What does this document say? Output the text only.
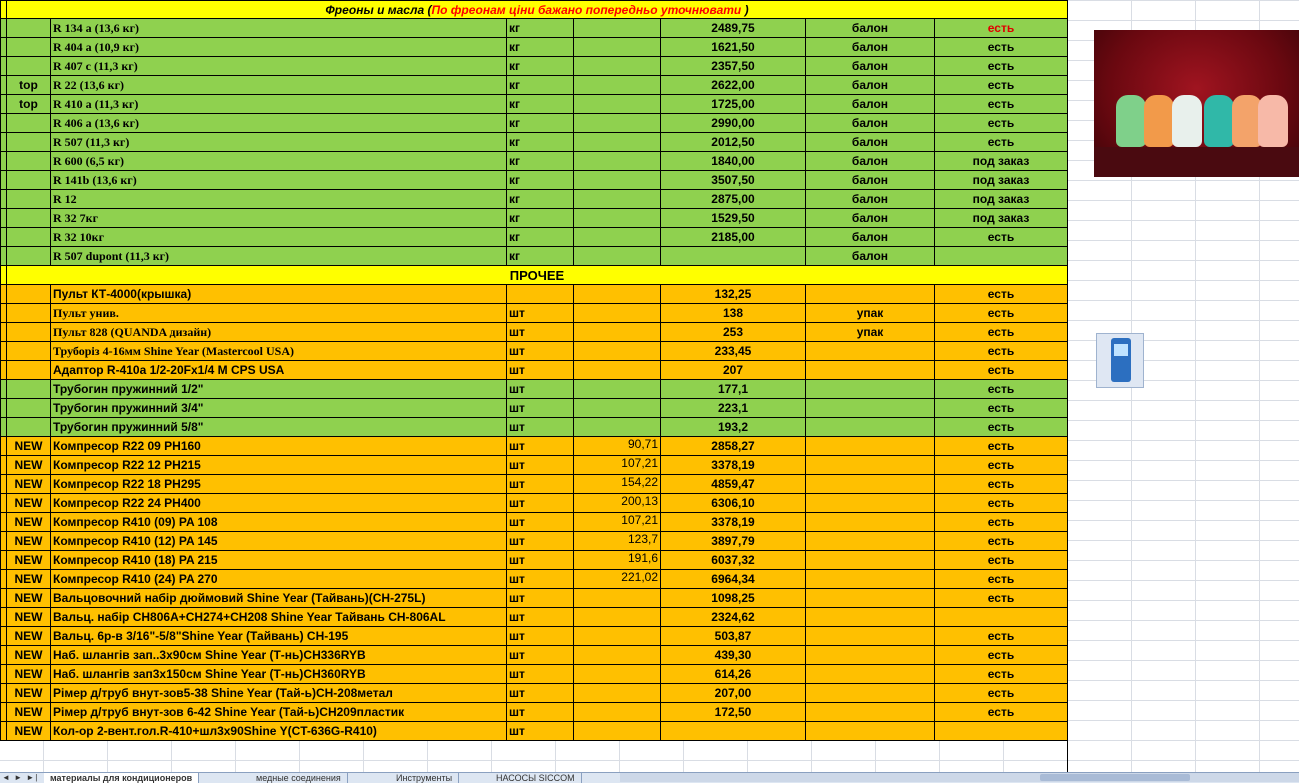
	Фреоны и масла (По фреонам ціни бажано попередньо уточнювати )						
		R 134 а (13,6 кг)	кг		2489,75	балон	есть
		R 404 а (10,9 кг)	кг		1621,50	балон	есть
		R 407 с (11,3 кг)	кг		2357,50	балон	есть
	top	R 22 (13,6 кг)	кг		2622,00	балон	есть
	top	R 410 а (11,3 кг)	кг		1725,00	балон	есть
		R 406 а (13,6 кг)	кг		2990,00	балон	есть
		R 507 (11,3 кг)	кг		2012,50	балон	есть
		R 600 (6,5 кг)	кг		1840,00	балон	под заказ
		R 141b (13,6 кг)	кг		3507,50	балон	под заказ
		R 12	кг		2875,00	балон	под заказ
		R 32 7кг	кг		1529,50	балон	под заказ
		R 32 10кг	кг		2185,00	балон	есть
		R 507 dupont (11,3 кг)	кг			балон	
	ПРОЧЕЕ						
		Пульт КТ-4000(крышка)			132,25		есть
		Пульт унив.	шт		138	упак	есть
		Пульт 828 (QUANDA дизайн)	шт		253	упак	есть
		Труборіз 4-16мм Shine Year (Mastercool USA)	шт		233,45		есть
		Адаптор R-410a 1/2-20Fx1/4 M CPS USA	шт		207		есть
		Трубогин пружинний 1/2"	шт		177,1		есть
		Трубогин пружинний 3/4"	шт		223,1		есть
		Трубогин пружинний 5/8"	шт		193,2		есть
	NEW	Компресор R22 09 PH160	шт	90,71	2858,27		есть
	NEW	Компресор R22 12 PH215	шт	107,21	3378,19		есть
	NEW	Компресор R22 18 PH295	шт	154,22	4859,47		есть
	NEW	Компресор R22 24 PH400	шт	200,13	6306,10		есть
	NEW	Компресор R410 (09) PA 108	шт	107,21	3378,19		есть
	NEW	Компресор R410 (12) PA 145	шт	123,7	3897,79		есть
	NEW	Компресор R410 (18) PA 215	шт	191,6	6037,32		есть
	NEW	Компресор R410 (24) PA 270	шт	221,02	6964,34		есть
	NEW	Вальцовочний набір дюймовий Shine Year (Тайвань)(CH-275L)	шт		1098,25		есть
	NEW	Вальц. набір CH806A+CH274+CH208 Shine Year Тайвань CH-806AL	шт		2324,62		
	NEW	Вальц. 6р-в 3/16"-5/8"Shine Year (Тайвань) CH-195	шт		503,87		есть
	NEW	Наб. шлангів зап..3х90см Shine Year (Т-нь)CH336RYB	шт		439,30		есть
	NEW	Наб. шлангів зап3х150см Shine Year (Т-нь)CH360RYB	шт		614,26		есть
	NEW	Рімер д/труб внут-зов5-38 Shine Year (Тай-ь)CH-208метал	шт		207,00		есть
	NEW	Рімер д/труб внут-зов 6-42 Shine Year (Тай-ь)CH209пластик	шт		172,50		есть
	NEW	Кол-ор 2-вент.гол.R-410+шл3х90Shine Y(CT-636G-R410)	шт				
◄ ► ►|	материалы для кондиционеров	медные соединения	Инструменты	НАСОСЫ SICCOM
